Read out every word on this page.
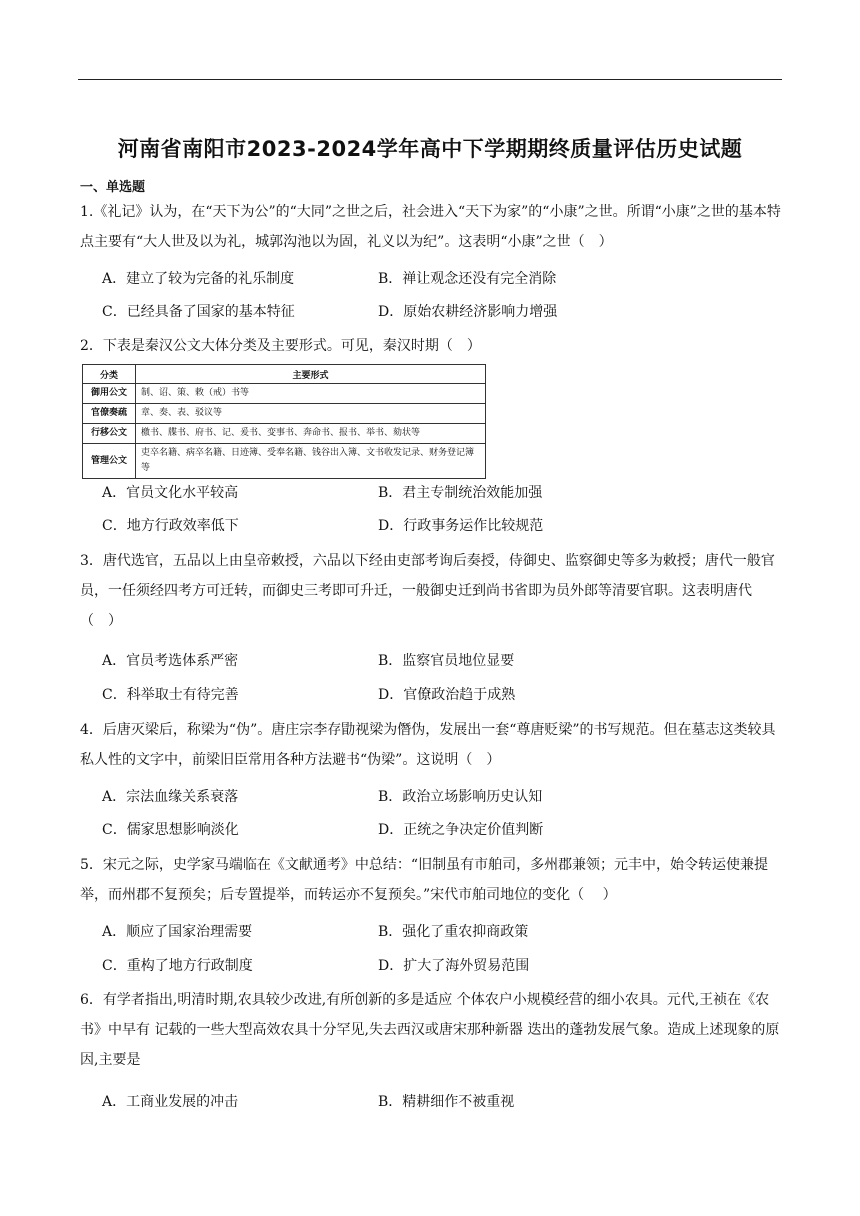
河南省南阳市2023-2024学年高中下学期期终质量评估历史试题
一、单选题
1.《礼记》认为，在“天下为公”的“大同”之世之后，社会进入“天下为家”的“小康”之世。所谓“小康”之世的基本特点主要有“大人世及以为礼，城郭沟池以为固，礼义以为纪”。这表明“小康”之世（　）
A．建立了较为完备的礼乐制度	B．禅让观念还没有完全消除
C．已经具备了国家的基本特征	D．原始农耕经济影响力增强
2．下表是秦汉公文大体分类及主要形式。可见，秦汉时期（　）
分类	主要形式
御用公文	制、诏、策、敕（戒）书等
官僚奏疏	章、奏、表、驳议等
行移公文	檄书、牒书、府书、记、爰书、变事书、奔命书、报书、举书、劾状等
管理公文	吏卒名籍、病卒名籍、日迹簿、受奉名籍、钱谷出入簿、文书收发记录、财务登记簿等
A．官员文化水平较高	B．君主专制统治效能加强
C．地方行政效率低下	D．行政事务运作比较规范
3．唐代选官，五品以上由皇帝敕授，六品以下经由吏部考询后奏授，侍御史、监察御史等多为敕授；唐代一般官员，一任须经四考方可迁转，而御史三考即可升迁，一般御史迁到尚书省即为员外郎等清要官职。这表明唐代（　）
A．官员考选体系严密	B．监察官员地位显要
C．科举取士有待完善	D．官僚政治趋于成熟
4．后唐灭梁后，称梁为“伪”。唐庄宗李存勖视梁为僭伪，发展出一套“尊唐贬梁”的书写规范。但在墓志这类较具私人性的文字中，前梁旧臣常用各种方法避书“伪梁”。这说明（　）
A．宗法血缘关系衰落	B．政治立场影响历史认知
C．儒家思想影响淡化	D．正统之争决定价值判断
5．宋元之际，史学家马端临在《文献通考》中总结：“旧制虽有市舶司，多州郡兼领；元丰中，始令转运使兼提举，而州郡不复预矣；后专置提举，而转运亦不复预矣。”宋代市舶司地位的变化（　 ）
A．顺应了国家治理需要	B．强化了重农抑商政策
C．重构了地方行政制度	D．扩大了海外贸易范围
6．有学者指出,明清时期,农具较少改进,有所创新的多是适应 个体农户小规模经营的细小农具。元代,王祯在《农书》中早有 记载的一些大型高效农具十分罕见,失去西汉或唐宋那种新器 迭出的蓬勃发展气象。造成上述现象的原因,主要是
A．工商业发展的冲击	B．精耕细作不被重视
